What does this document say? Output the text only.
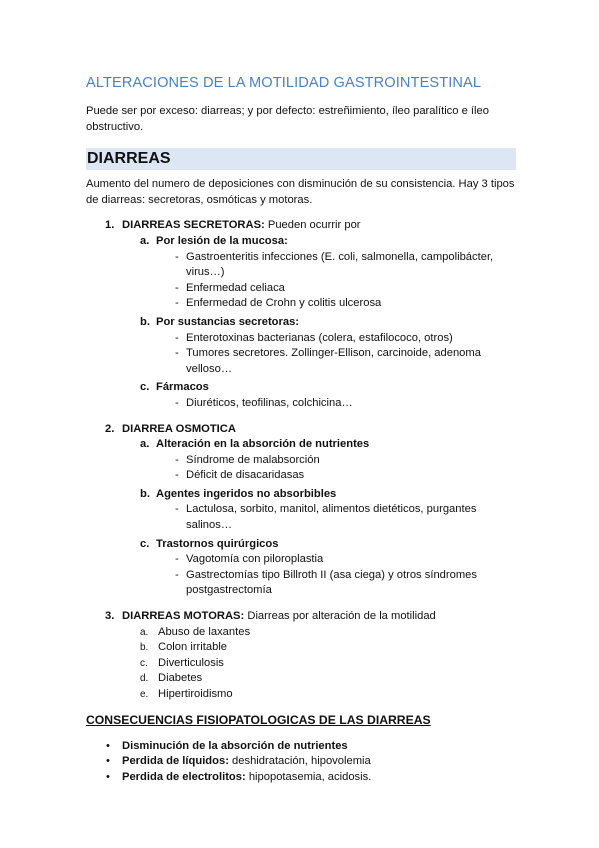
ALTERACIONES DE LA MOTILIDAD GASTROINTESTINAL

Puede ser por exceso: diarreas; y por defecto: estreñimiento, íleo paralítico e íleo obstructivo.

DIARREAS

Aumento del numero de deposiciones con disminución de su consistencia. Hay 3 tipos de diarreas: secretoras, osmóticas y motoras.

1. DIARREAS SECRETORAS: Pueden ocurrir por
a. Por lesión de la mucosa:
- Gastroenteritis infecciones (E. coli, salmonella, campolibácter, virus…)
- Enfermedad celiaca
- Enfermedad de Crohn y colitis ulcerosa
b. Por sustancias secretoras:
- Enterotoxinas bacterianas (colera, estafilococo, otros)
- Tumores secretores. Zollinger-Ellison, carcinoide, adenoma velloso…
c. Fármacos
- Diuréticos, teofilinas, colchicina…
2. DIARREA OSMOTICA
a. Alteración en la absorción de nutrientes
- Síndrome de malabsorción
- Déficit de disacaridasas
b. Agentes ingeridos no absorbibles
- Lactulosa, sorbito, manitol, alimentos dietéticos, purgantes salinos…
c. Trastornos quirúrgicos
- Vagotomía con piloroplastia
- Gastrectomías tipo Billroth II (asa ciega) y otros síndromes postgastrectomía
3. DIARREAS MOTORAS: Diarreas por alteración de la motilidad
a. Abuso de laxantes
b. Colon irritable
c. Diverticulosis
d. Diabetes
e. Hipertiroidismo
CONSECUENCIAS FISIOPATOLOGICAS DE LAS DIARREAS
• Disminución de la absorción de nutrientes
• Perdida de líquidos: deshidratación, hipovolemia
• Perdida de electrolitos: hipopotasemia, acidosis.
